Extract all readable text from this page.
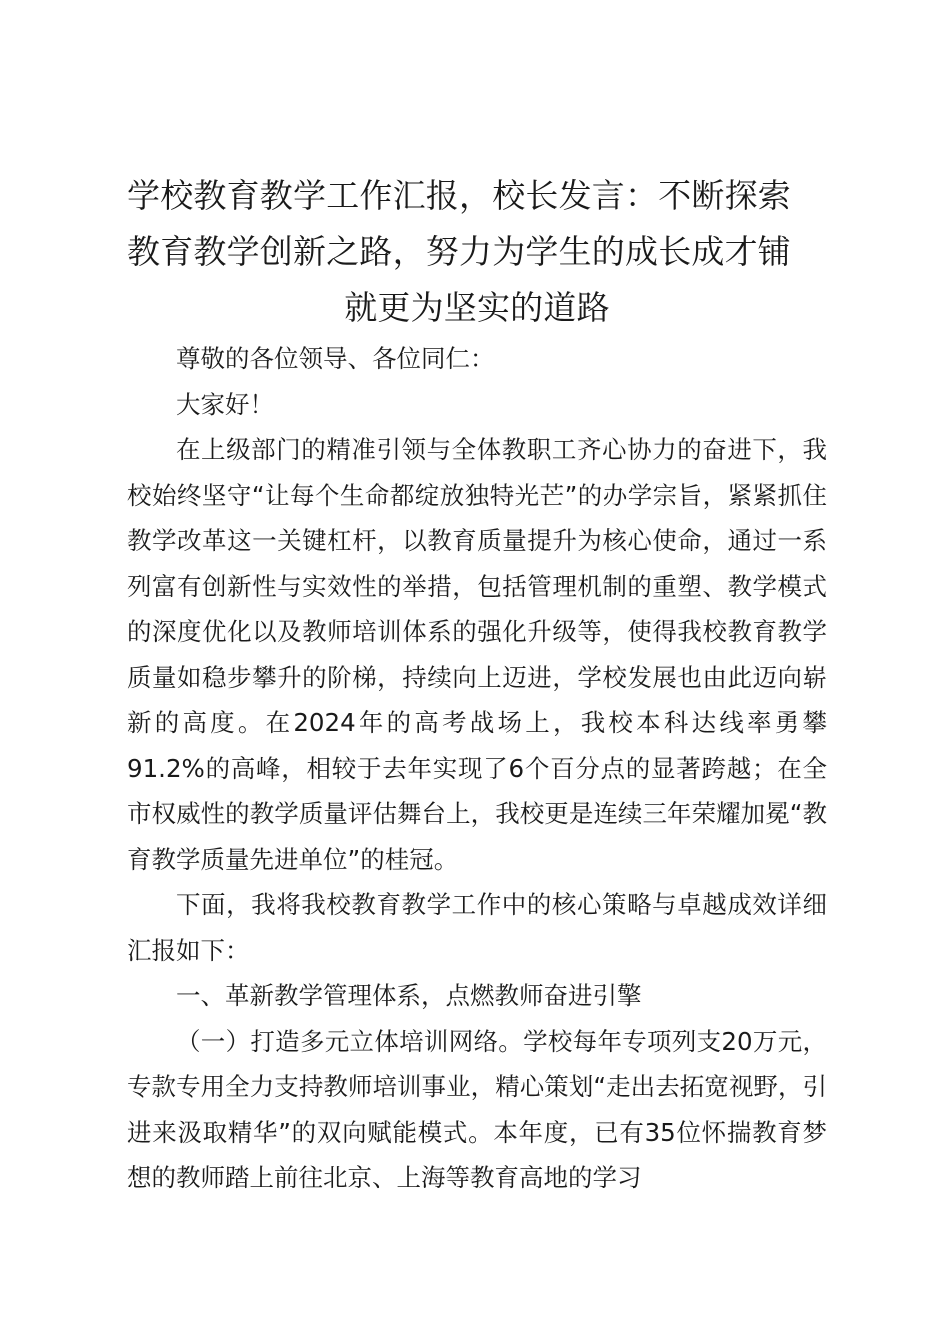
学校教育教学工作汇报，校长发言：不断探索
教育教学创新之路，努力为学生的成长成才铺
就更为坚实的道路

尊敬的各位领导、各位同仁：

大家好！

在上级部门的精准引领与全体教职工齐心协力的奋进下，我校始终坚守“让每个生命都绽放独特光芒”的办学宗旨，紧紧抓住教学改革这一关键杠杆，以教育质量提升为核心使命，通过一系列富有创新性与实效性的举措，包括管理机制的重塑、教学模式的深度优化以及教师培训体系的强化升级等，使得我校教育教学质量如稳步攀升的阶梯，持续向上迈进，学校发展也由此迈向崭新的高度。在2024年的高考战场上，我校本科达线率勇攀91.2%的高峰，相较于去年实现了6个百分点的显著跨越；在全市权威性的教学质量评估舞台上，我校更是连续三年荣耀加冕“教育教学质量先进单位”的桂冠。

下面，我将我校教育教学工作中的核心策略与卓越成效详细汇报如下：

一、革新教学管理体系，点燃教师奋进引擎

（一）打造多元立体培训网络。学校每年专项列支20万元，专款专用全力支持教师培训事业，精心策划“走出去拓宽视野，引进来汲取精华”的双向赋能模式。本年度，已有35位怀揣教育梦想的教师踏上前往北京、上海等教育高地的学习
